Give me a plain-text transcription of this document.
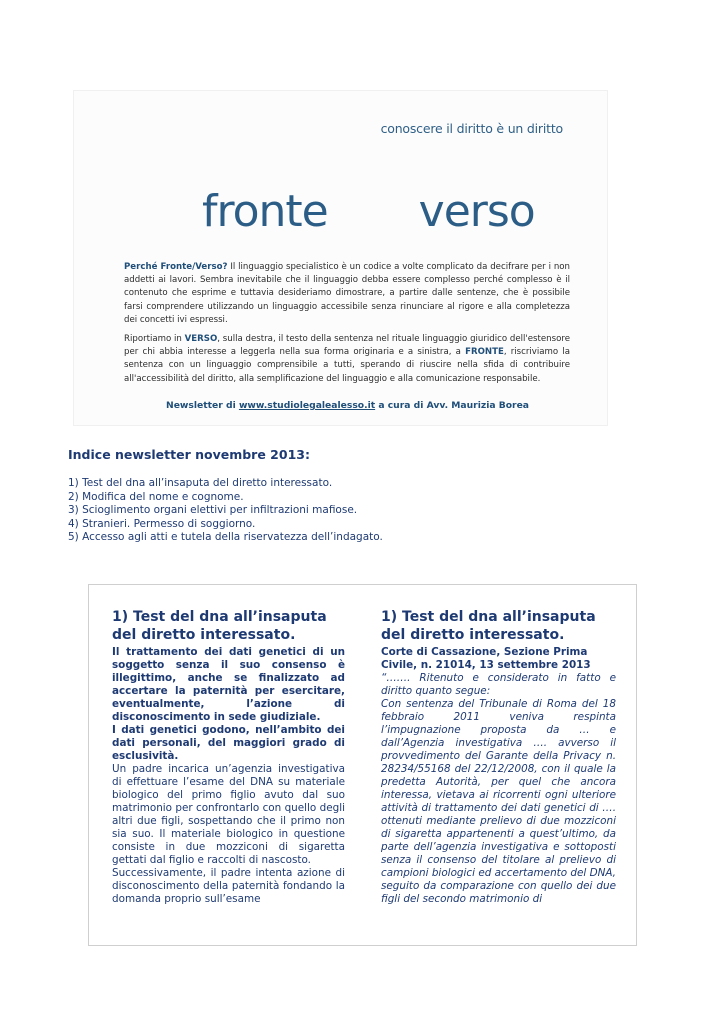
conoscere il diritto è un diritto
fronte verso

Perché Fronte/Verso? Il linguaggio specialistico è un codice a volte complicato da decifrare per i non addetti ai lavori. Sembra inevitabile che il linguaggio debba essere complesso perché complesso è il contenuto che esprime e tuttavia desideriamo dimostrare, a partire dalle sentenze, che è possibile farsi comprendere utilizzando un linguaggio accessibile senza rinunciare al rigore e alla completezza dei concetti ivi espressi.

Riportiamo in VERSO, sulla destra, il testo della sentenza nel rituale linguaggio giuridico dell'estensore per chi abbia interesse a leggerla nella sua forma originaria e a sinistra, a FRONTE, riscriviamo la sentenza con un linguaggio comprensibile a tutti, sperando di riuscire nella sfida di contribuire all'accessibilità del diritto, alla semplificazione del linguaggio e alla comunicazione responsabile.

Newsletter di www.studiolegalealesso.it a cura di Avv. Maurizia Borea
Indice newsletter novembre 2013:
1) Test del dna all’insaputa del diretto interessato.
2) Modifica del nome e cognome.
3) Scioglimento organi elettivi per infiltrazioni mafiose.
4) Stranieri. Permesso di soggiorno.
5) Accesso agli atti e tutela della riservatezza dell’indagato.
1) Test del dna all’insaputa del diretto interessato.

Il trattamento dei dati genetici di un soggetto senza il suo consenso è illegittimo, anche se finalizzato ad accertare la paternità per esercitare, eventualmente, l’azione di disconoscimento in sede giudiziale.

I dati genetici godono, nell’ambito dei dati personali, del maggiori grado di esclusività.

Un padre incarica un’agenzia investigativa di effettuare l’esame del DNA su materiale biologico del primo figlio avuto dal suo matrimonio per confrontarlo con quello degli altri due figli, sospettando che il primo non sia suo. Il materiale biologico in questione consiste in due mozziconi di sigaretta gettati dal figlio e raccolti di nascosto.

Successivamente, il padre intenta azione di disconoscimento della paternità fondando la domanda proprio sull’esame

1) Test del dna all’insaputa del diretto interessato.

Corte di Cassazione, Sezione Prima Civile, n. 21014, 13 settembre 2013

“……. Ritenuto e considerato in fatto e diritto quanto segue:

Con sentenza del Tribunale di Roma del 18 febbraio 2011 veniva respinta l’impugnazione proposta da … e dall’Agenzia investigativa …. avverso il provvedimento del Garante della Privacy n. 28234/55168 del 22/12/2008, con il quale la predetta Autorità, per quel che ancora interessa, vietava ai ricorrenti ogni ulteriore attività di trattamento dei dati genetici di …. ottenuti mediante prelievo di due mozziconi di sigaretta appartenenti a quest’ultimo, da parte dell’agenzia investigativa e sottoposti senza il consenso del titolare al prelievo di campioni biologici ed accertamento del DNA, seguito da comparazione con quello dei due figli del secondo matrimonio di
